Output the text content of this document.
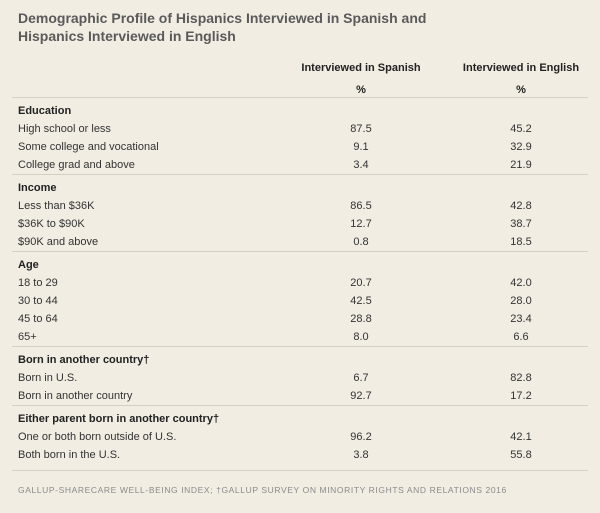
Demographic Profile of Hispanics Interviewed in Spanish and Hispanics Interviewed in English
Interviewed in Spanish	Interviewed in English
%	%
Education
High school or less	87.5	45.2
Some college and vocational	9.1	32.9
College grad and above	3.4	21.9
Income
Less than $36K	86.5	42.8
$36K to $90K	12.7	38.7
$90K and above	0.8	18.5
Age
18 to 29	20.7	42.0
30 to 44	42.5	28.0
45 to 64	28.8	23.4
65+	8.0	6.6
Born in another country†
Born in U.S.	6.7	82.8
Born in another country	92.7	17.2
Either parent born in another country†
One or both born outside of U.S.	96.2	42.1
Both born in the U.S.	3.8	55.8
GALLUP-SHARECARE WELL-BEING INDEX; †GALLUP SURVEY ON MINORITY RIGHTS AND RELATIONS 2016
